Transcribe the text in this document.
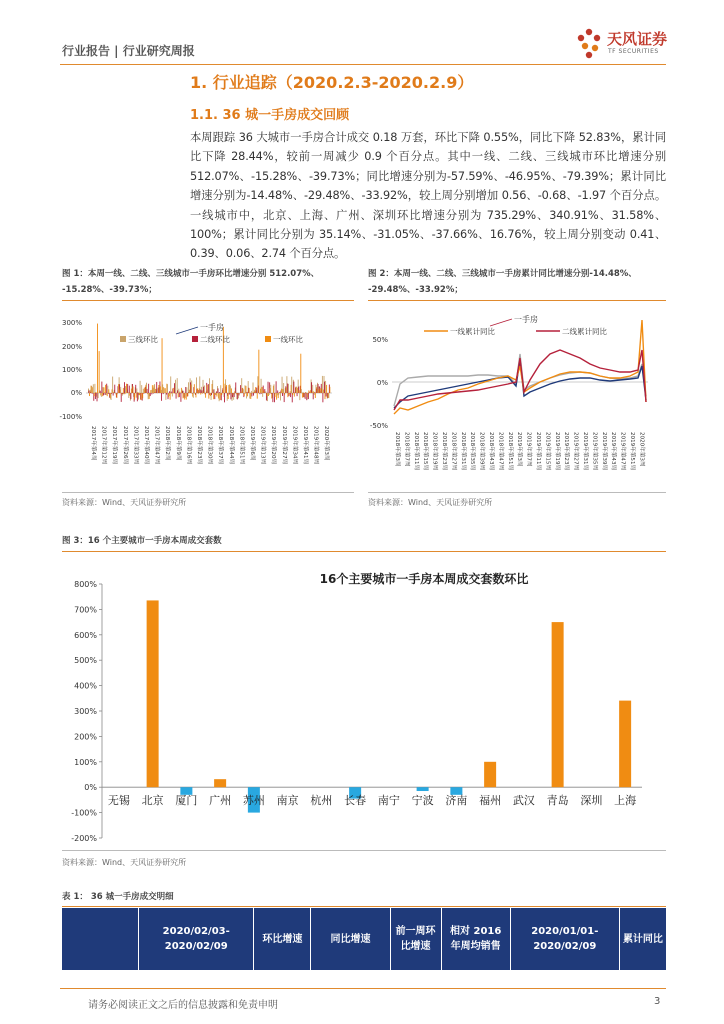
行业报告 | 行业研究周报
天风证券
TF SECURITIES
1. 行业追踪（2020.2.3-2020.2.9）
1.1. 36 城一手房成交回顾
本周跟踪 36 大城市一手房合计成交 0.18 万套，环比下降 0.55%，同比下降 52.83%，累计同比下降 28.44%，较前一周减少 0.9 个百分点。其中一线、二线、三线城市环比增速分别 512.07%、-15.28%、-39.73%；同比增速分别为-57.59%、-46.95%、-79.39%；累计同比增速分别为-14.48%、-29.48%、-33.92%，较上周分别增加 0.56、-0.68、-1.97 个百分点。一线城市中，北京、上海、广州、深圳环比增速分别为 735.29%、340.91%、31.58%、100%；累计同比分别为 35.14%、-31.05%、-37.66%、16.76%，较上周分别变动 0.41、0.39、0.06、2.74 个百分点。
图 1：本周一线、二线、三线城市一手房环比增速分别 512.07%、
-15.28%、-39.73%；
300%
200%
100%
0%
-100%
一手房
三线环比	二线环比	一线环比
2017年第4周 2017年第12周 2017年第19周 2017年第26周 2017年第33周 2017年第40周 2017年第47周 2018年第2周 2018年第9周 2018年第16周 2018年第23周 2018年第30周 2018年第37周 2018年第44周 2018年第51周 2019年第6周 2019年第13周 2019年第20周 2019年第27周 2019年第34周 2019年第41周 2019年第48周 2020年第3周
资料来源：Wind、天风证券研究所
图 2：本周一线、二线、三线城市一手房累计同比增速分别-14.48%、
-29.48%、-33.92%；
50%
0%
-50%
一手房
一线累计同比	二线累计同比
2018年第3周 2018年第7周 2018年第11周 2018年第15周 2018年第19周 2018年第23周 2018年第27周 2018年第31周 2018年第35周 2018年第39周 2018年第43周 2018年第47周 2018年第51周 2019年第3周 2019年第7周 2019年第11周 2019年第15周 2019年第19周 2019年第23周 2019年第27周 2019年第31周 2019年第35周 2019年第39周 2019年第43周 2019年第47周 2019年第51周 2020年第3周
资料来源：Wind、天风证券研究所
图 3：16 个主要城市一手房本周成交套数
16个主要城市一手房本周成交套数环比
800%
700%
600%
500%
400%
300%
200%
100%
0%
-100%
-200%
无锡 北京 厦门 广州 苏州 南京 杭州 长春 南宁 宁波 济南 福州 武汉 青岛 深圳 上海
资料来源：Wind、天风证券研究所
表 1： 36 城一手房成交明细
	2020/02/03-2020/02/09	环比增速	同比增速	前一周环比增速	相对 2016 年周均销售	2020/01/01-2020/02/09	累计同比
请务必阅读正文之后的信息披露和免责申明	3
